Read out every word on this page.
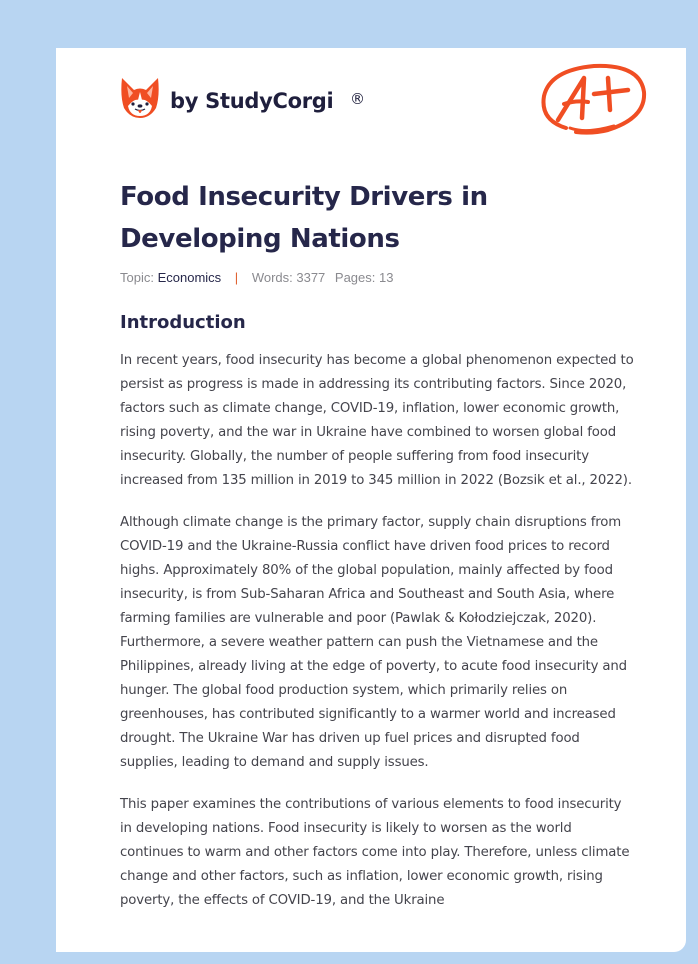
by StudyCorgi ®
Food Insecurity Drivers in Developing Nations
Topic: Economics | Words: 3377 Pages: 13
Introduction

In recent years, food insecurity has become a global phenomenon expected to persist as progress is made in addressing its contributing factors. Since 2020, factors such as climate change, COVID-19, inflation, lower economic growth, rising poverty, and the war in Ukraine have combined to worsen global food insecurity. Globally, the number of people suffering from food insecurity increased from 135 million in 2019 to 345 million in 2022 (Bozsik et al., 2022).

Although climate change is the primary factor, supply chain disruptions from COVID-19 and the Ukraine-Russia conflict have driven food prices to record highs. Approximately 80% of the global population, mainly affected by food insecurity, is from Sub-Saharan Africa and Southeast and South Asia, where farming families are vulnerable and poor (Pawlak & Kołodziejczak, 2020). Furthermore, a severe weather pattern can push the Vietnamese and the Philippines, already living at the edge of poverty, to acute food insecurity and hunger. The global food production system, which primarily relies on greenhouses, has contributed significantly to a warmer world and increased drought. The Ukraine War has driven up fuel prices and disrupted food supplies, leading to demand and supply issues.

This paper examines the contributions of various elements to food insecurity in developing nations. Food insecurity is likely to worsen as the world continues to warm and other factors come into play. Therefore, unless climate change and other factors, such as inflation, lower economic growth, rising poverty, the effects of COVID-19, and the Ukraine
